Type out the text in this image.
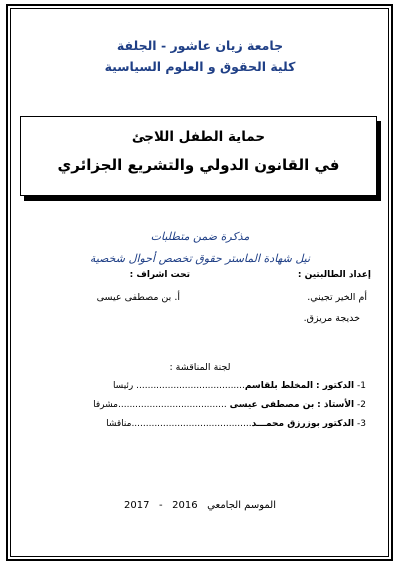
جامعة زيان عاشور - الجلفة
كلية الحقوق و العلوم السياسية
حماية الطفل اللاجئ
في القانون الدولي والتشريع الجزائري
مذكرة ضمن متطلبات
نيل شهادة الماستر حقوق تخصص أحوال شخصية
إعداد الطالبتين :
تحت اشراف :
أم الخير تجيني.
أ. بن مصطفى عيسى
خديجة مريزق.
لجنة المناقشة :
1- الدكتور : المخلط بلقاسم...................................... رئيسا
2- الأستاذ : بن مصطفى عيسى ......................................مشرفا
3- الدكتور بوزرزق محمـــد..........................................مناقشا
الموسم الجامعي   2016   -   2017
